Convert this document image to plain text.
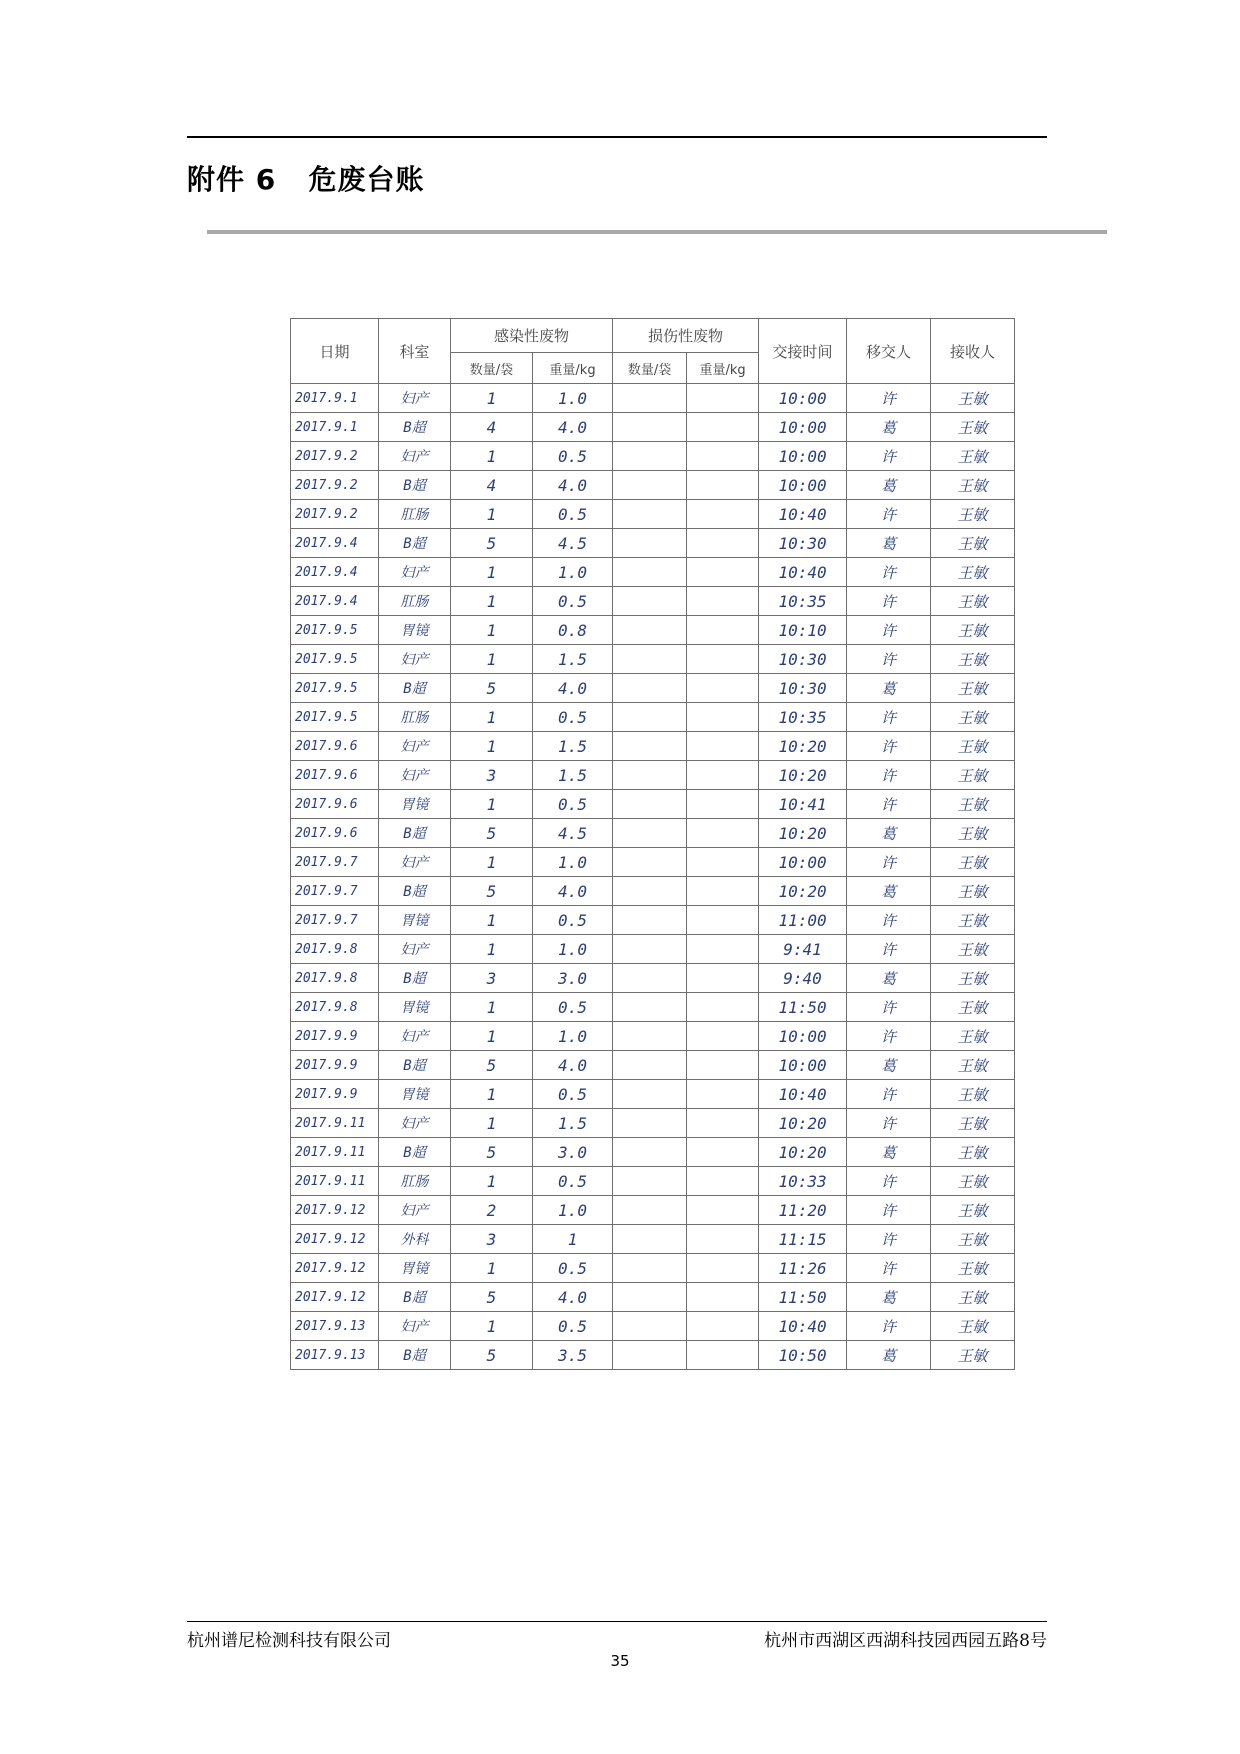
附件 6   危废台账
日期	科室	感染性废物		损伤性废物		交接时间	移交人	接收人
		数量/袋	重量/kg	数量/袋	重量/kg			
2017.9.1	妇产	1	1.0			10:00	许	王敏
2017.9.1	B超	4	4.0			10:00	葛	王敏
2017.9.2	妇产	1	0.5			10:00	许	王敏
2017.9.2	B超	4	4.0			10:00	葛	王敏
2017.9.2	肛肠	1	0.5			10:40	许	王敏
2017.9.4	B超	5	4.5			10:30	葛	王敏
2017.9.4	妇产	1	1.0			10:40	许	王敏
2017.9.4	肛肠	1	0.5			10:35	许	王敏
2017.9.5	胃镜	1	0.8			10:10	许	王敏
2017.9.5	妇产	1	1.5			10:30	许	王敏
2017.9.5	B超	5	4.0			10:30	葛	王敏
2017.9.5	肛肠	1	0.5			10:35	许	王敏
2017.9.6	妇产	1	1.5			10:20	许	王敏
2017.9.6	妇产	3	1.5			10:20	许	王敏
2017.9.6	胃镜	1	0.5			10:41	许	王敏
2017.9.6	B超	5	4.5			10:20	葛	王敏
2017.9.7	妇产	1	1.0			10:00	许	王敏
2017.9.7	B超	5	4.0			10:20	葛	王敏
2017.9.7	胃镜	1	0.5			11:00	许	王敏
2017.9.8	妇产	1	1.0			9:41	许	王敏
2017.9.8	B超	3	3.0			9:40	葛	王敏
2017.9.8	胃镜	1	0.5			11:50	许	王敏
2017.9.9	妇产	1	1.0			10:00	许	王敏
2017.9.9	B超	5	4.0			10:00	葛	王敏
2017.9.9	胃镜	1	0.5			10:40	许	王敏
2017.9.11	妇产	1	1.5			10:20	许	王敏
2017.9.11	B超	5	3.0			10:20	葛	王敏
2017.9.11	肛肠	1	0.5			10:33	许	王敏
2017.9.12	妇产	2	1.0			11:20	许	王敏
2017.9.12	外科	3	1			11:15	许	王敏
2017.9.12	胃镜	1	0.5			11:26	许	王敏
2017.9.12	B超	5	4.0			11:50	葛	王敏
2017.9.13	妇产	1	0.5			10:40	许	王敏
2017.9.13	B超	5	3.5			10:50	葛	王敏
杭州谱尼检测科技有限公司	杭州市西湖区西湖科技园西园五路8号
35
